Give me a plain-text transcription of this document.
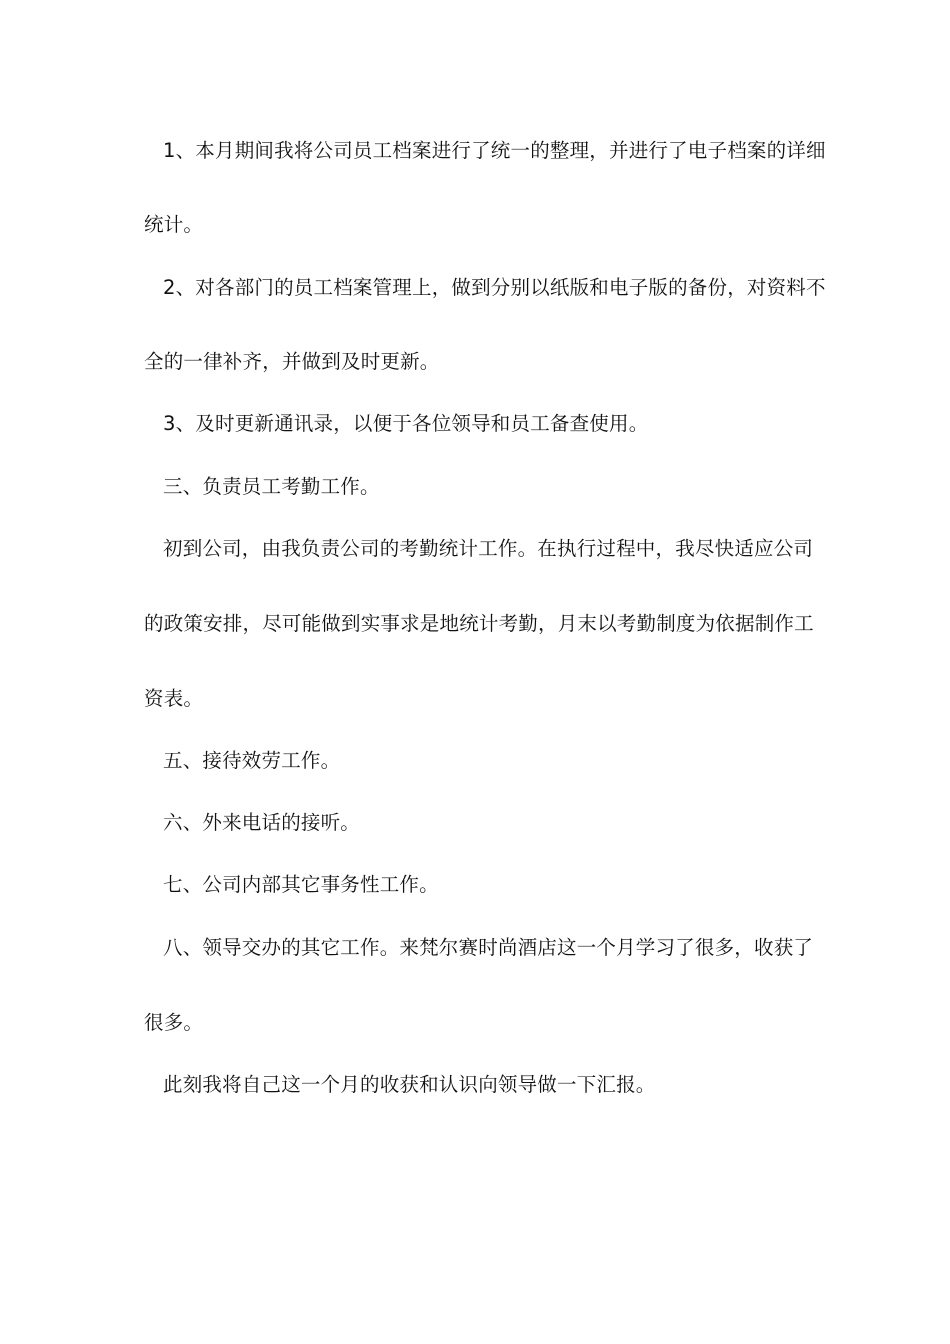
1、本月期间我将公司员工档案进行了统一的整理，并进行了电子档案的详细
统计。
2、对各部门的员工档案管理上，做到分别以纸版和电子版的备份，对资料不
全的一律补齐，并做到及时更新。
3、及时更新通讯录，以便于各位领导和员工备查使用。
三、负责员工考勤工作。
初到公司，由我负责公司的考勤统计工作。在执行过程中，我尽快适应公司
的政策安排，尽可能做到实事求是地统计考勤，月末以考勤制度为依据制作工
资表。
五、接待效劳工作。
六、外来电话的接听。
七、公司内部其它事务性工作。
八、领导交办的其它工作。来梵尔赛时尚酒店这一个月学习了很多，收获了
很多。
此刻我将自己这一个月的收获和认识向领导做一下汇报。
